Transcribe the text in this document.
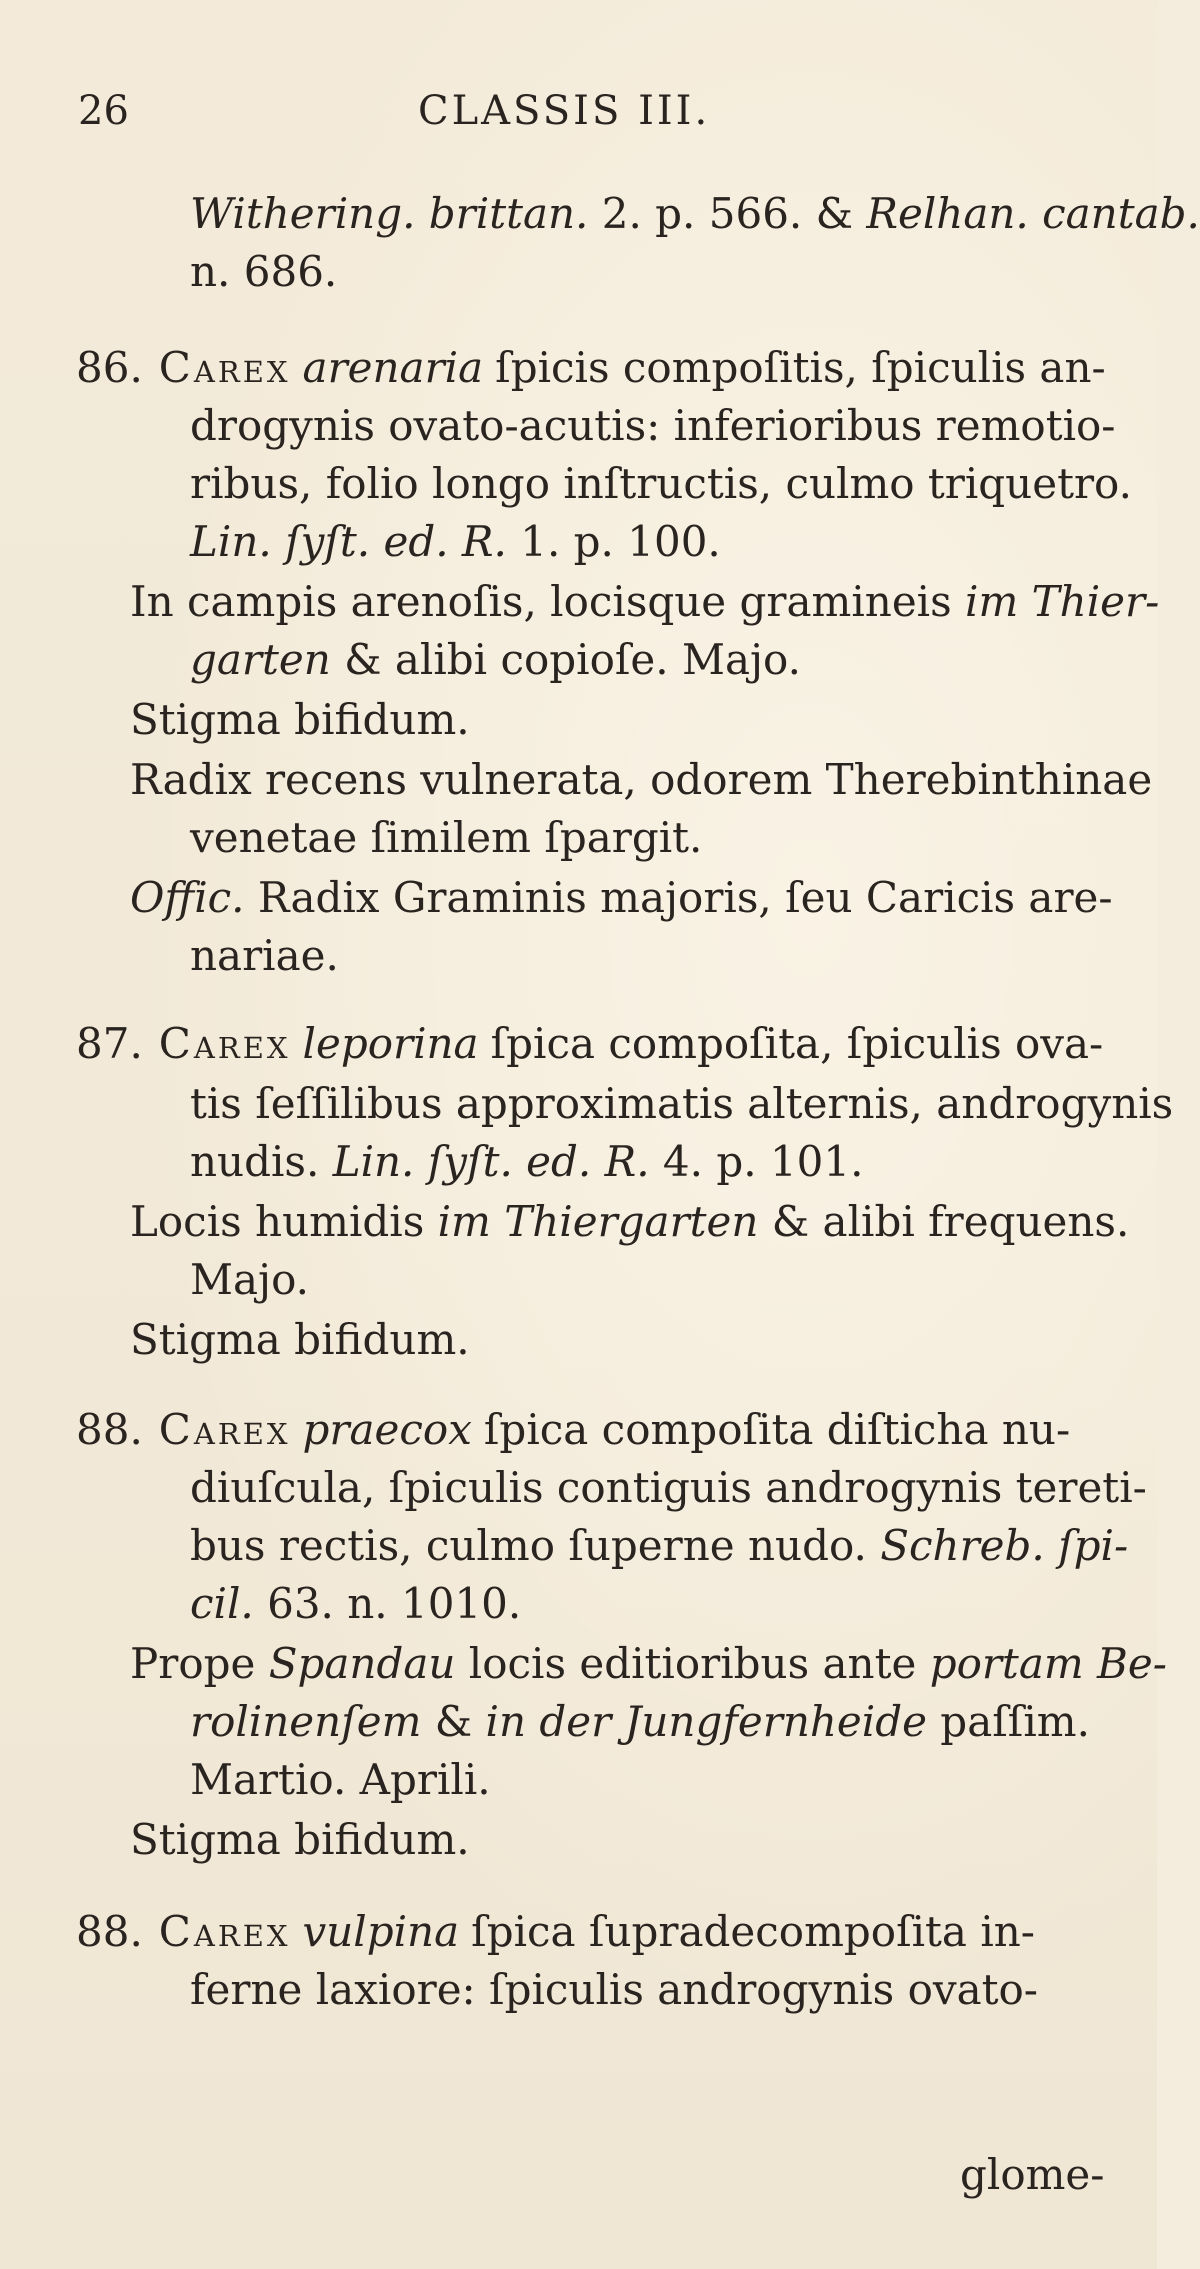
26	CLASSIS III.
Withering. brittan. 2. p. 566. & Relhan. cantab.
n. 686.
86. Carex arenaria ſpicis compoſitis, ſpiculis an-
drogynis ovato-acutis: inferioribus remotio-
ribus, folio longo inſtructis, culmo triquetro.
Lin. ſyſt. ed. R. 1. p. 100.
In campis arenoſis, locisque gramineis im Thier-
garten & alibi copioſe. Majo.
Stigma bifidum.
Radix recens vulnerata, odorem Therebinthinae
venetae ſimilem ſpargit.
Offic. Radix Graminis majoris, ſeu Caricis are-
nariae.
87. Carex leporina ſpica compoſita, ſpiculis ova-
tis ſeſſilibus approximatis alternis, androgynis
nudis. Lin. ſyſt. ed. R. 4. p. 101.
Locis humidis im Thiergarten & alibi frequens.
Majo.
Stigma bifidum.
88. Carex praecox ſpica compoſita diſticha nu-
diuſcula, ſpiculis contiguis androgynis tereti-
bus rectis, culmo ſuperne nudo. Schreb. ſpi-
cil. 63. n. 1010.
Prope Spandau locis editioribus ante portam Be-
rolinenſem & in der Jungfernheide paſſim.
Martio. Aprili.
Stigma bifidum.
88. Carex vulpina ſpica ſupradecompoſita in-
ferne laxiore: ſpiculis androgynis ovato-
glome-
